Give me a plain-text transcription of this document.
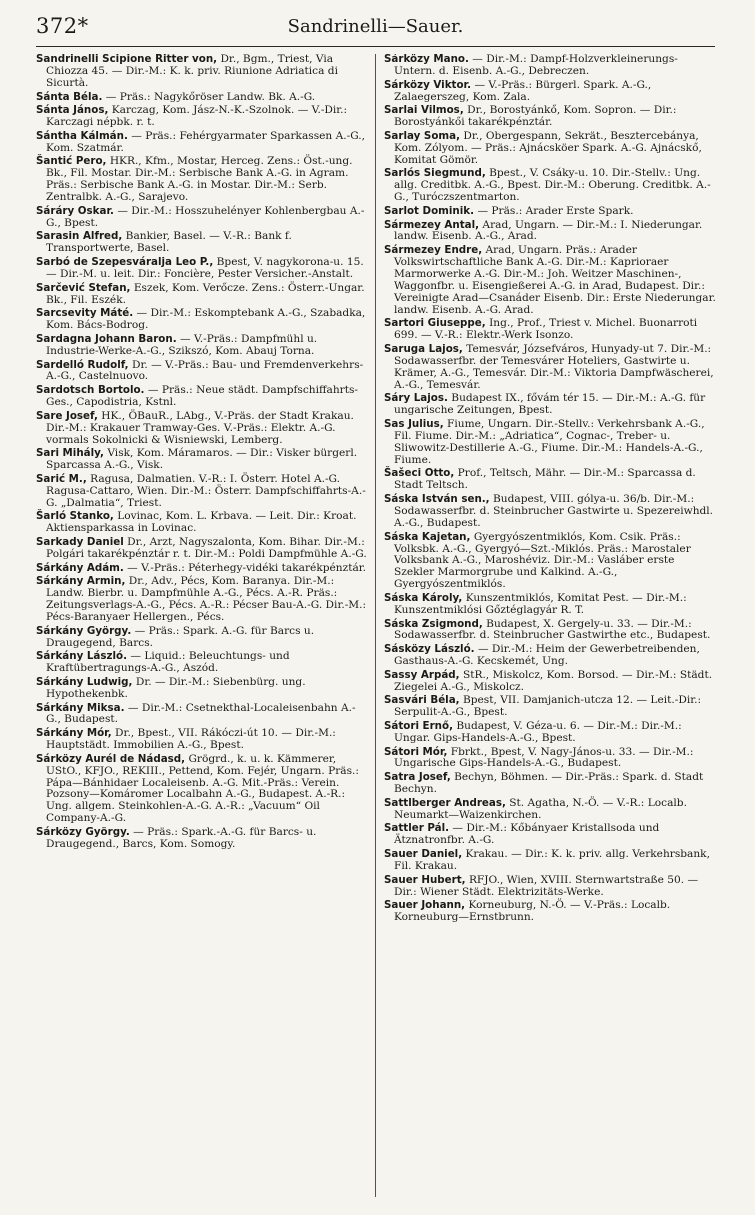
372*	Sandrinelli—Sauer.

Sandrinelli Scipione Ritter von, Dr., Bgm., Triest, Via Chiozza 45. — Dir.-M.: K. k. priv. Riunione Adriatica di Sicurtà.

Sánta Béla. — Präs.: Nagykőröser Landw. Bk. A.-G.

Sánta János, Karczag, Kom. Jász-N.-K.-Szolnok. — V.-Dir.: Karczagi népbk. r. t.

Sántha Kálmán. — Präs.: Fehérgyarmater Sparkassen A.-G., Kom. Szatmár.

Šantić Pero, HKR., Kfm., Mostar, Herceg. Zens.: Öst.-ung. Bk., Fil. Mostar. Dir.-M.: Serbische Bank A.-G. in Agram. Präs.: Serbische Bank A.-G. in Mostar. Dir.-M.: Serb. Zentralbk. A.-G., Sarajevo.

Sáráry Oskar. — Dir.-M.: Hosszuhelényer Kohlenbergbau A.-G., Bpest.

Sarasin Alfred, Bankier, Basel. — V.-R.: Bank f. Transportwerte, Basel.

Sarbó de Szepesváralja Leo P., Bpest, V. nagykorona-u. 15. — Dir.-M. u. leit. Dir.: Foncière, Pester Versicher.-Anstalt.

Sarčević Stefan, Eszek, Kom. Verőcze. Zens.: Österr.-Ungar. Bk., Fil. Eszék.

Sarcsevity Máté. — Dir.-M.: Eskomptebank A.-G., Szabadka, Kom. Bács-Bodrog.

Sardagna Johann Baron. — V.-Präs.: Dampfmühl u. Industrie-Werke-A.-G., Szikszó, Kom. Abauj Torna.

Sardelló Rudolf, Dr. — V.-Präs.: Bau- und Fremdenverkehrs-A.-G., Castelnuovo.

Sardotsch Bortolo. — Präs.: Neue städt. Dampfschiffahrts-Ges., Capodistria, Kstnl.

Sare Josef, HK., ÖBauR., LAbg., V.-Präs. der Stadt Krakau. Dir.-M.: Krakauer Tramway-Ges. V.-Präs.: Elektr. A.-G. vormals Sokolnicki & Wisniewski, Lemberg.

Sari Mihály, Visk, Kom. Máramaros. — Dir.: Visker bürgerl. Sparcassa A.-G., Visk.

Sarić M., Ragusa, Dalmatien. V.-R.: I. Österr. Hotel A.-G. Ragusa-Cattaro, Wien. Dir.-M.: Österr. Dampfschiffahrts-A.-G. „Dalmatia“, Triest.

Šarló Stanko, Lovinac, Kom. L. Krbava. — Leit. Dir.: Kroat. Aktiensparkassa in Lovinac.

Sarkady Daniel Dr., Arzt, Nagyszalonta, Kom. Bihar. Dir.-M.: Polgári takarékpénztár r. t. Dir.-M.: Poldi Dampfmühle A.-G.

Sárkány Adám. — V.-Präs.: Péterhegy-vidéki takarékpénztár.

Sárkány Armin, Dr., Adv., Pécs, Kom. Baranya. Dir.-M.: Landw. Bierbr. u. Dampfmühle A.-G., Pécs. A.-R. Präs.: Zeitungsverlags-A.-G., Pécs. A.-R.: Pécser Bau-A.-G. Dir.-M.: Pécs-Baranyaer Hellergen., Pécs.

Sárkány György. — Präs.: Spark. A.-G. für Barcs u. Draugegend, Barcs.

Sárkány László. — Liquid.: Beleuchtungs- und Kraftübertragungs-A.-G., Aszód.

Sárkány Ludwig, Dr. — Dir.-M.: Siebenbürg. ung. Hypothekenbk.

Sárkány Miksa. — Dir.-M.: Csetnekthal-Localeisenbahn A.-G., Budapest.

Sárkány Mór, Dr., Bpest., VII. Rákóczi-út 10. — Dir.-M.: Hauptstädt. Immobilien A.-G., Bpest.

Sárközy Aurél de Nádasd, Grögrd., k. u. k. Kämmerer, UStO., KFJO., REKIII., Pettend, Kom. Fejér, Ungarn. Präs.: Pápa—Bánhidaer Localeisenb. A.-G. Mit.-Präs.: Verein. Pozsony—Komáromer Localbahn A.-G., Budapest. A.-R.: Ung. allgem. Steinkohlen-A.-G. A.-R.: „Vacuum“ Oil Company-A.-G.

Sárközy György. — Präs.: Spark.-A.-G. für Barcs- u. Draugegend., Barcs, Kom. Somogy.

Sárközy Mano. — Dir.-M.: Dampf-Holzverkleinerungs-Untern. d. Eisenb. A.-G., Debreczen.

Sárközy Viktor. — V.-Präs.: Bürgerl. Spark. A.-G., Zalaegerszeg, Kom. Zala.

Sarlai Vilmos, Dr., Borostyánkő, Kom. Sopron. — Dir.: Borostyánkői takarékpénztár.

Sarlay Soma, Dr., Obergespann, Sekrät., Besztercebánya, Kom. Zólyom. — Präs.: Ajnácsköer Spark. A.-G. Ajnácskő, Komitat Gömör.

Sarlós Siegmund, Bpest., V. Csáky-u. 10. Dir.-Stellv.: Ung. allg. Creditbk. A.-G., Bpest. Dir.-M.: Oberung. Creditbk. A.-G., Turóczszentmarton.

Sarlot Dominik. — Präs.: Arader Erste Spark.

Sármezey Antal, Arad, Ungarn. — Dir.-M.: I. Niederungar. landw. Eisenb. A.-G., Arad.

Sármezey Endre, Arad, Ungarn. Präs.: Arader Volkswirtschaftliche Bank A.-G. Dir.-M.: Kaprioraer Marmorwerke A.-G. Dir.-M.: Joh. Weitzer Maschinen-, Waggonfbr. u. Eisengießerei A.-G. in Arad, Budapest. Dir.: Vereinigte Arad—Csanáder Eisenb. Dir.: Erste Niederungar. landw. Eisenb. A.-G. Arad.

Sartori Giuseppe, Ing., Prof., Triest v. Michel. Buonarroti 699. — V.-R.: Elektr.-Werk Isonzo.

Saruga Lajos, Temesvár, Józsefváros, Hunyady-ut 7. Dir.-M.: Sodawasserfbr. der Temesvárer Hoteliers, Gastwirte u. Krämer, A.-G., Temesvár. Dir.-M.: Viktoria Dampfwäscherei, A.-G., Temesvár.

Sáry Lajos. Budapest IX., fővám tér 15. — Dir.-M.: A.-G. für ungarische Zeitungen, Bpest.

Sas Julius, Fiume, Ungarn. Dir.-Stellv.: Verkehrsbank A.-G., Fil. Fiume. Dir.-M.: „Adriatica“, Cognac-, Treber- u. Sliwowitz-Destillerie A.-G., Fiume. Dir.-M.: Handels-A.-G., Fiume.

Šašeci Otto, Prof., Teltsch, Mähr. — Dir.-M.: Sparcassa d. Stadt Teltsch.

Sáska István sen., Budapest, VIII. gólya-u. 36/b. Dir.-M.: Sodawasserfbr. d. Steinbrucher Gastwirte u. Spezereiwhdl. A.-G., Budapest.

Sáska Kajetan, Gyergyószentmiklós, Kom. Csik. Präs.: Volksbk. A.-G., Gyergyó—Szt.-Miklós. Präs.: Marostaler Volksbank A.-G., Maroshéviz. Dir.-M.: Vasláber erste Szekler Marmorgrube und Kalkind. A.-G., Gyergyószentmiklós.

Sáska Károly, Kunszentmiklós, Komitat Pest. — Dir.-M.: Kunszentmiklósi Gőztéglagyár R. T.

Sáska Zsigmond, Budapest, X. Gergely-u. 33. — Dir.-M.: Sodawasserfbr. d. Steinbrucher Gastwirthe etc., Budapest.

Sásközy László. — Dir.-M.: Heim der Gewerbetreibenden, Gasthaus-A.-G. Kecskemét, Ung.

Sassy Arpád, StR., Miskolcz, Kom. Borsod. — Dir.-M.: Städt. Ziegelei A.-G., Miskolcz.

Sasvári Béla, Bpest, VII. Damjanich-utcza 12. — Leit.-Dir.: Serpulit-A.-G., Bpest.

Sátori Ernő, Budapest, V. Géza-u. 6. — Dir.-M.: Dir.-M.: Ungar. Gips-Handels-A.-G., Bpest.

Sátori Mór, Fbrkt., Bpest, V. Nagy-János-u. 33. — Dir.-M.: Ungarische Gips-Handels-A.-G., Budapest.

Satra Josef, Bechyn, Böhmen. — Dir.-Präs.: Spark. d. Stadt Bechyn.

Sattlberger Andreas, St. Agatha, N.-Ö. — V.-R.: Localb. Neumarkt—Waizenkirchen.

Sattler Pál. — Dir.-M.: Kőbányaer Kristallsoda und Ätznatronfbr. A.-G.

Sauer Daniel, Krakau. — Dir.: K. k. priv. allg. Verkehrsbank, Fil. Krakau.

Sauer Hubert, RFJO., Wien, XVIII. Sternwartstraße 50. — Dir.: Wiener Städt. Elektrizitäts-Werke.

Sauer Johann, Korneuburg, N.-Ö. — V.-Präs.: Localb. Korneuburg—Ernstbrunn.
